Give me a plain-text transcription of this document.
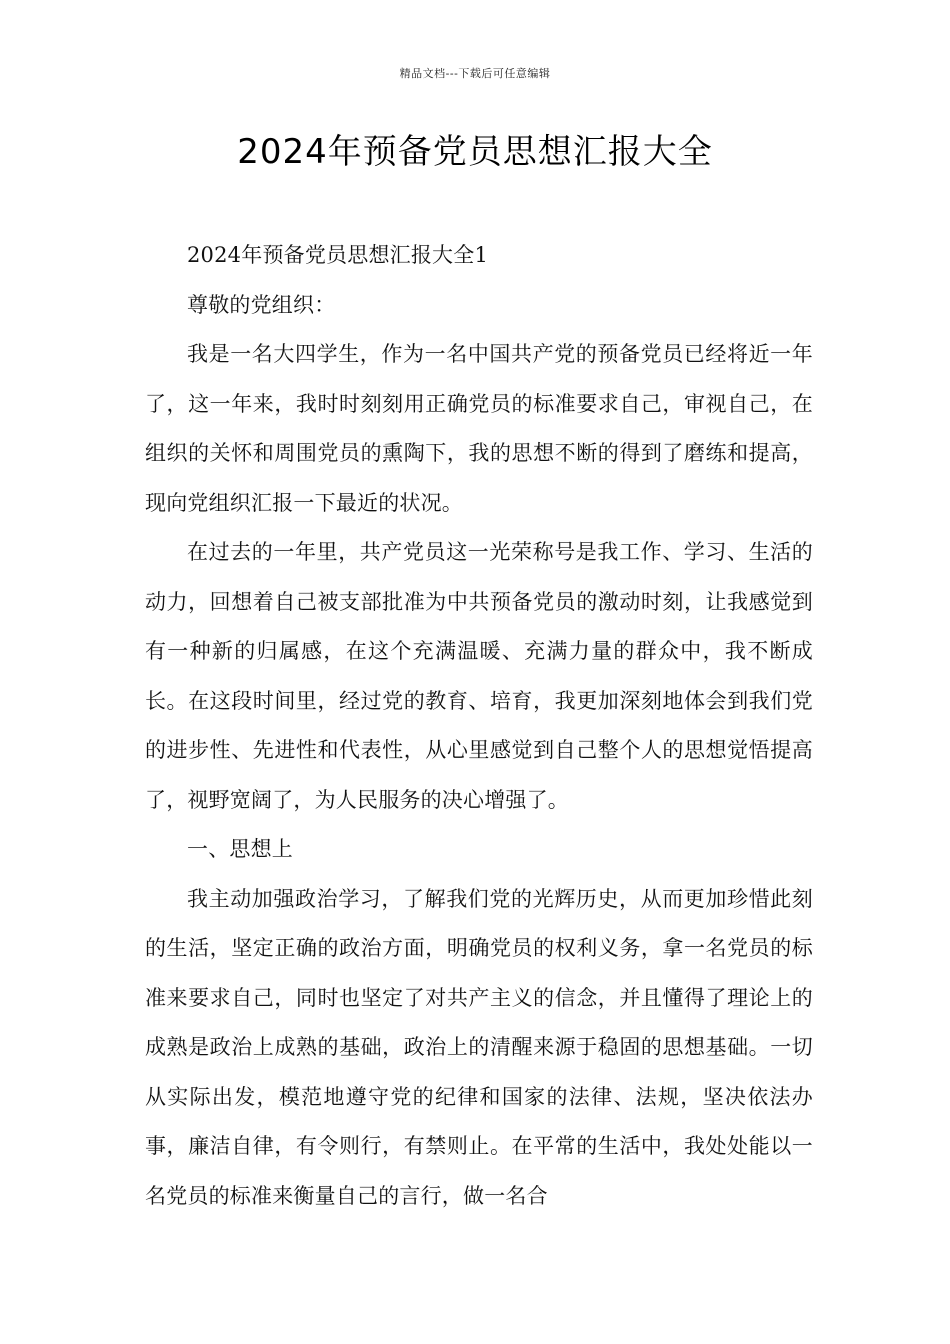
精品文档---下载后可任意编辑
2024年预备党员思想汇报大全

2024年预备党员思想汇报大全1

尊敬的党组织：

我是一名大四学生，作为一名中国共产党的预备党员已经将近一年了，这一年来，我时时刻刻用正确党员的标准要求自己，审视自己，在组织的关怀和周围党员的熏陶下，我的思想不断的得到了磨练和提高，现向党组织汇报一下最近的状况。

在过去的一年里，共产党员这一光荣称号是我工作、学习、生活的动力，回想着自己被支部批准为中共预备党员的激动时刻，让我感觉到有一种新的归属感，在这个充满温暖、充满力量的群众中，我不断成长。在这段时间里，经过党的教育、培育，我更加深刻地体会到我们党的进步性、先进性和代表性，从心里感觉到自己整个人的思想觉悟提高了，视野宽阔了，为人民服务的决心增强了。

一、思想上

我主动加强政治学习，了解我们党的光辉历史，从而更加珍惜此刻的生活，坚定正确的政治方面，明确党员的权利义务，拿一名党员的标准来要求自己，同时也坚定了对共产主义的信念，并且懂得了理论上的成熟是政治上成熟的基础，政治上的清醒来源于稳固的思想基础。一切从实际出发，模范地遵守党的纪律和国家的法律、法规，坚决依法办事，廉洁自律，有令则行，有禁则止。在平常的生活中，我处处能以一名党员的标准来衡量自己的言行，做一名合
